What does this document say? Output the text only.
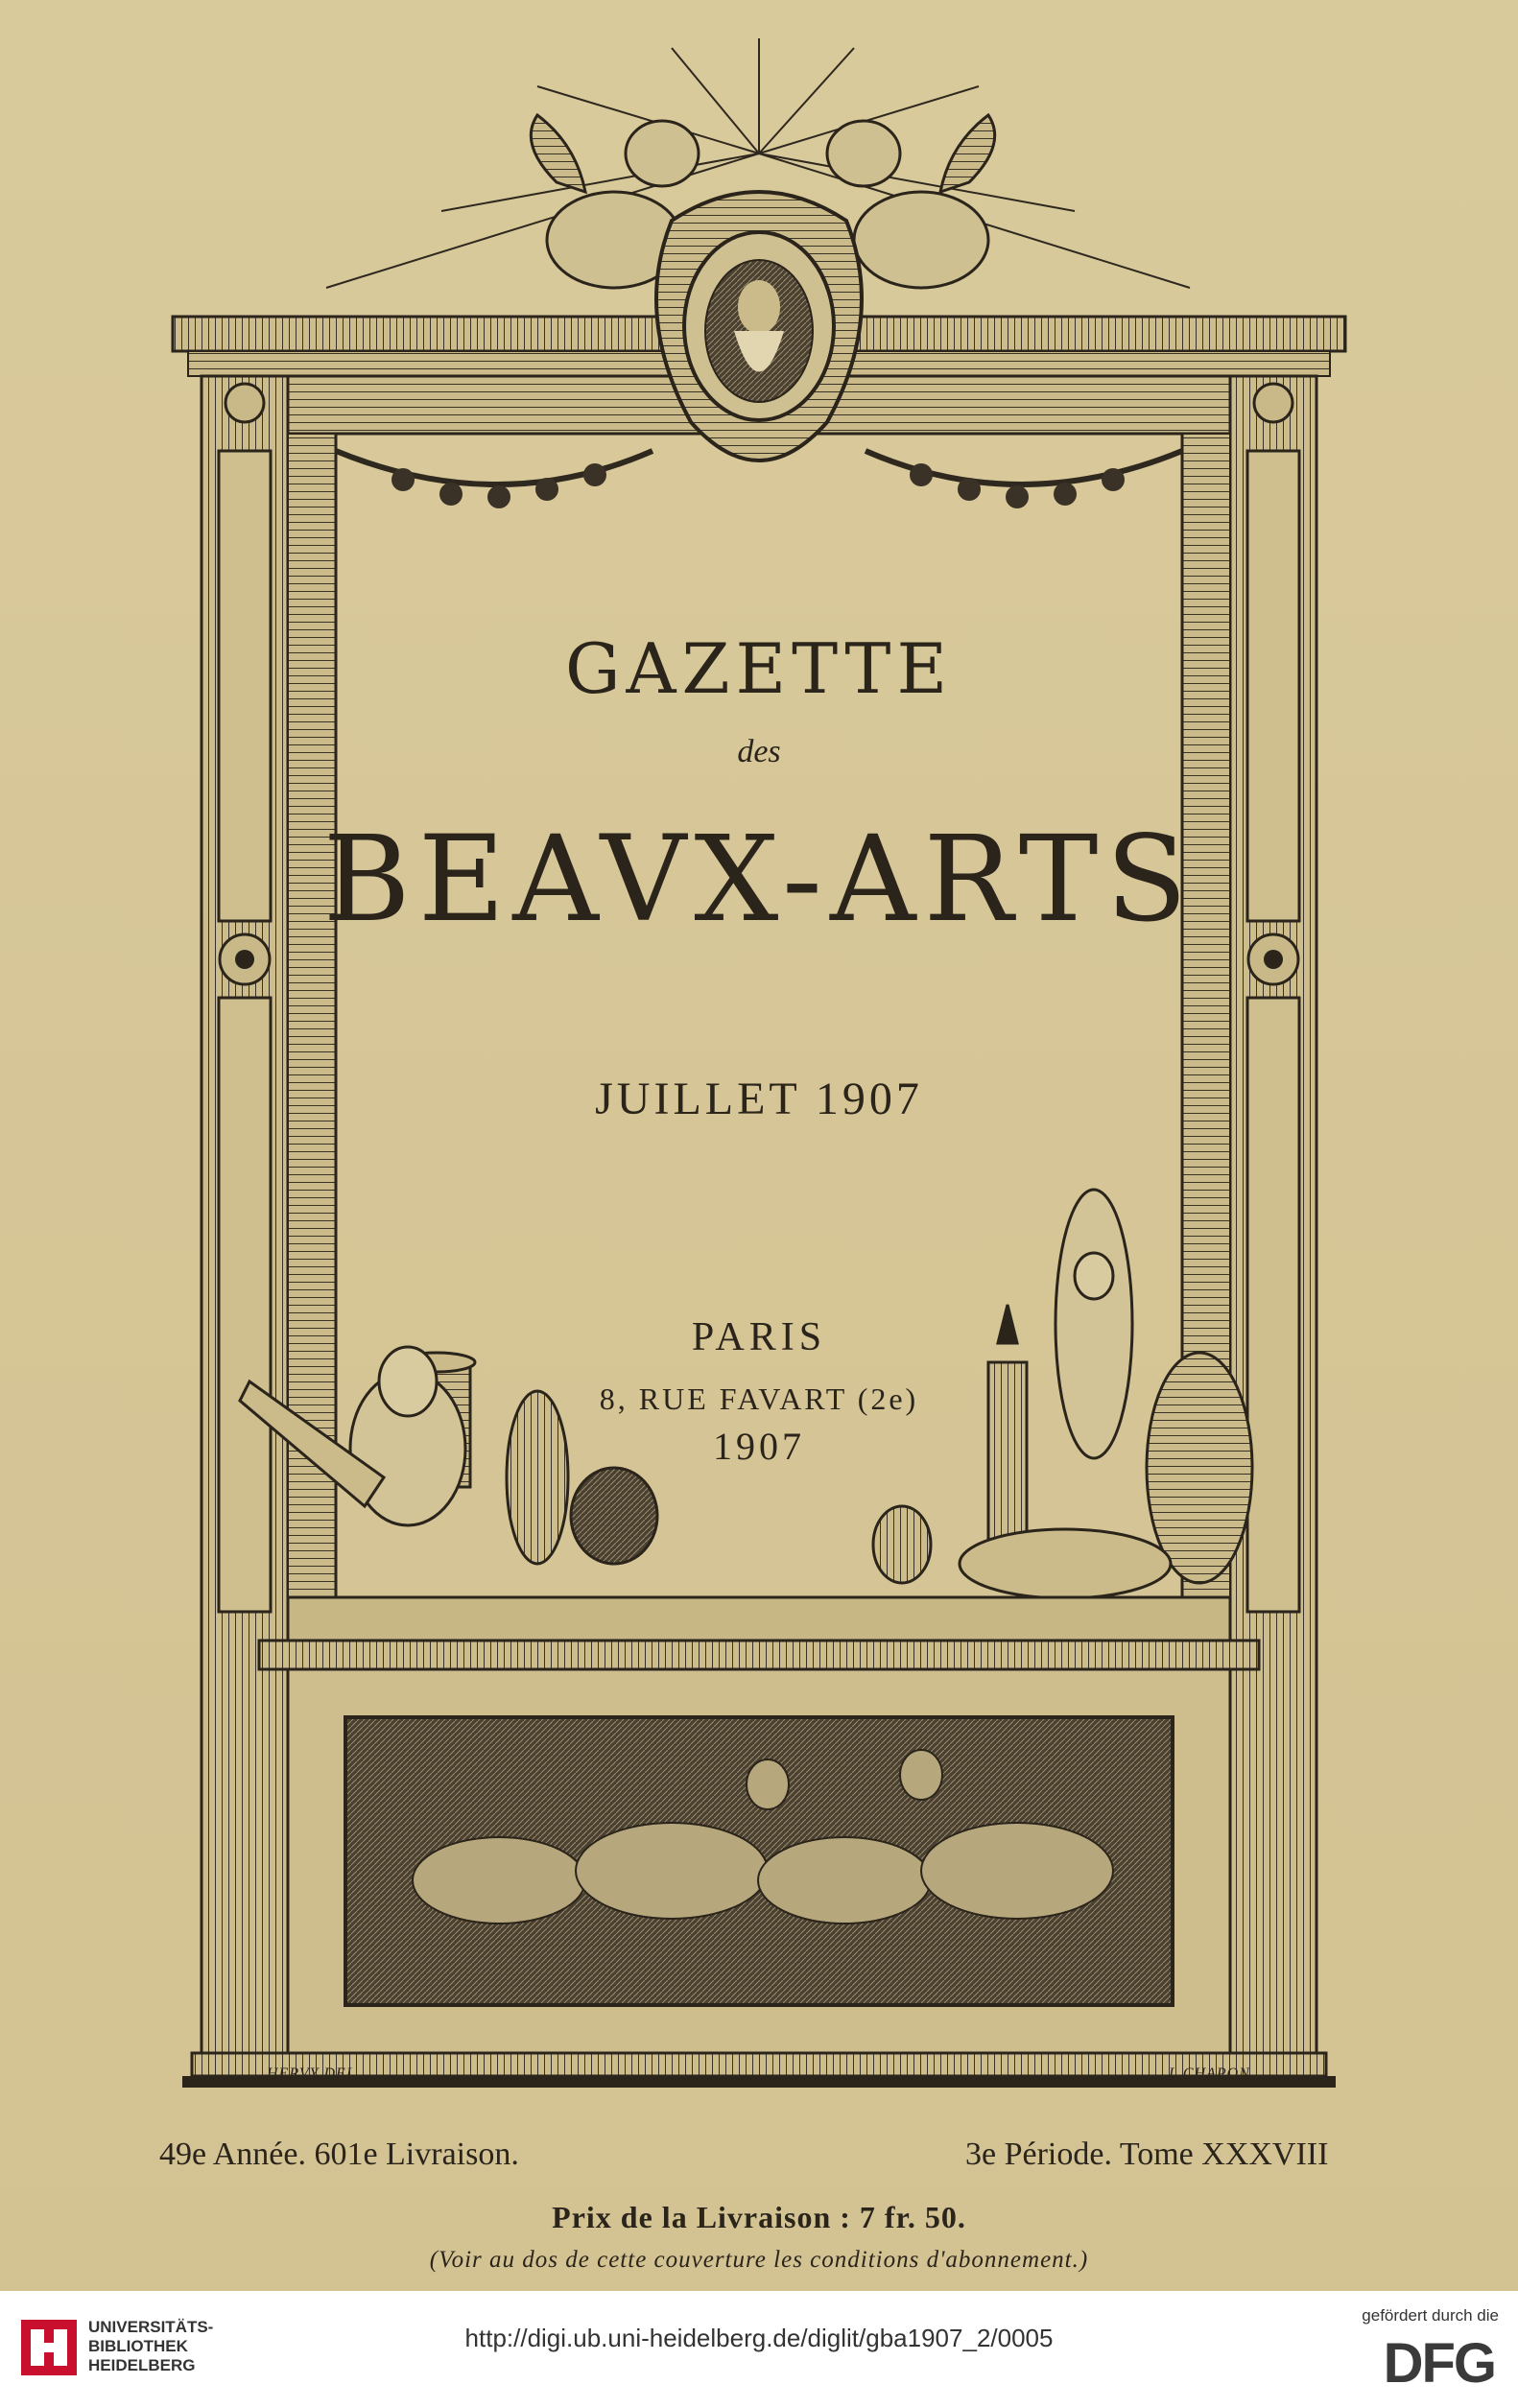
GAZETTE
des
BEAVX-ARTS
JUILLET 1907
PARIS
8, RUE FAVART (2e)
1907
HERVY DEL.	L.CHAPON
49e Année. 601e Livraison.	3e Période. Tome XXXVIII
Prix de la Livraison : 7 fr. 50.
(Voir au dos de cette couverture les conditions d'abonnement.)
UNIVERSITÄTS-
BIBLIOTHEK
HEIDELBERG
http://digi.ub.uni-heidelberg.de/diglit/gba1907_2/0005
gefördert durch die
DFG
